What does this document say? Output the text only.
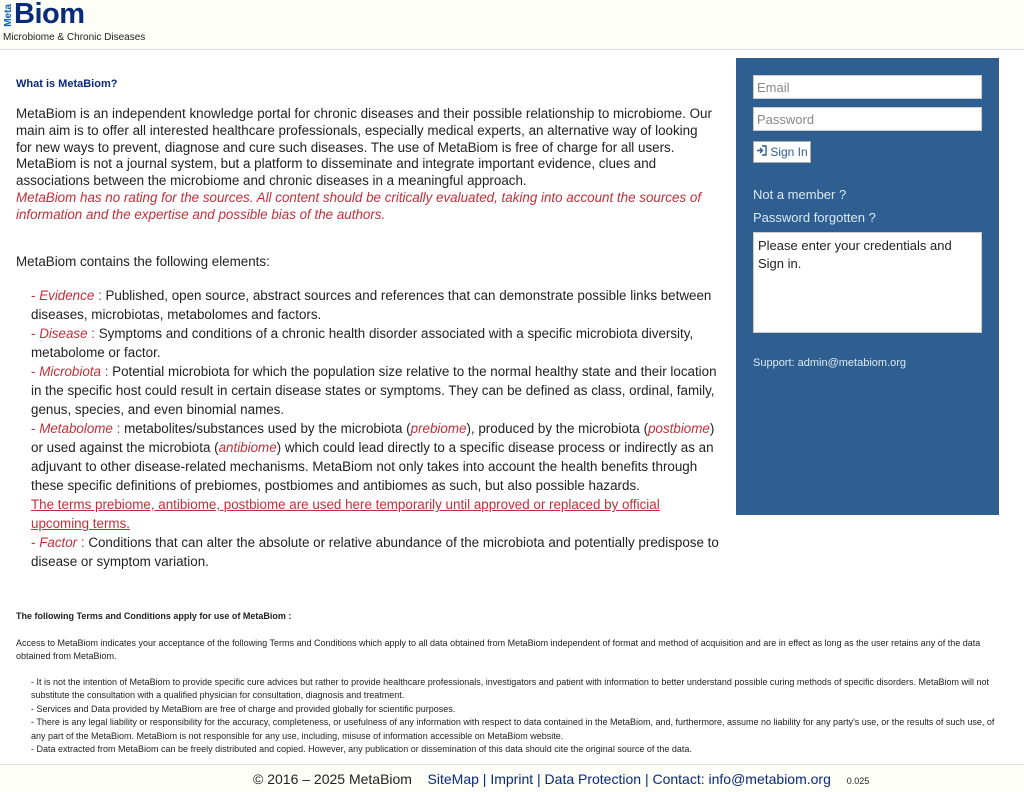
Meta Biom
Microbiome & Chronic Diseases
What is MetaBiom?
MetaBiom is an independent knowledge portal for chronic diseases and their possible relationship to microbiome. Our main aim is to offer all interested healthcare professionals, especially medical experts, an alternative way of looking for new ways to prevent, diagnose and cure such diseases. The use of MetaBiom is free of charge for all users.
MetaBiom is not a journal system, but a platform to disseminate and integrate important evidence, clues and associations between the microbiome and chronic diseases in a meaningful approach.
MetaBiom has no rating for the sources. All content should be critically evaluated, taking into account the sources of information and the expertise and possible bias of the authors.
MetaBiom contains the following elements:
- Evidence : Published, open source, abstract sources and references that can demonstrate possible links between diseases, microbiotas, metabolomes and factors.
- Disease : Symptoms and conditions of a chronic health disorder associated with a specific microbiota diversity, metabolome or factor.
- Microbiota : Potential microbiota for which the population size relative to the normal healthy state and their location in the specific host could result in certain disease states or symptoms. They can be defined as class, ordinal, family, genus, species, and even binomial names.
- Metabolome : metabolites/substances used by the microbiota (prebiome), produced by the microbiota (postbiome) or used against the microbiota (antibiome) which could lead directly to a specific disease process or indirectly as an adjuvant to other disease-related mechanisms. MetaBiom not only takes into account the health benefits through these specific definitions of prebiomes, postbiomes and antibiomes as such, but also possible hazards.
The terms prebiome, antibiome, postbiome are used here temporarily until approved or replaced by official upcoming terms.
- Factor : Conditions that can alter the absolute or relative abundance of the microbiota and potentially predispose to disease or symptom variation.
The following Terms and Conditions apply for use of MetaBiom :
Access to MetaBiom indicates your acceptance of the following Terms and Conditions which apply to all data obtained from MetaBiom independent of format and method of acquisition and are in effect as long as the user retains any of the data obtained from MetaBiom.
- It is not the intention of MetaBiom to provide specific cure advices but rather to provide healthcare professionals, investigators and patient with information to better understand possible curing methods of specific disorders. MetaBiom will not substitute the consultation with a qualified physician for consultation, diagnosis and treatment.
- Services and Data provided by MetaBiom are free of charge and provided globally for scientific purposes.
- There is any legal liability or responsibility for the accuracy, completeness, or usefulness of any information with respect to data contained in the MetaBiom, and, furthermore, assume no liability for any party's use, or the results of such use, of any part of the MetaBiom. MetaBiom is not responsible for any use, including, misuse of information accessible on MetaBiom website.
- Data extracted from MetaBiom can be freely distributed and copied. However, any publication or dissemination of this data should cite the original source of the data.
Email
Sign In
Not a member ?
Password forgotten ?
Please enter your credentials and Sign in.
Support: admin@metabiom.org
© 2016 – 2025 MetaBiom SiteMap | Imprint | Data Protection | Contact: info@metabiom.org 0.025
